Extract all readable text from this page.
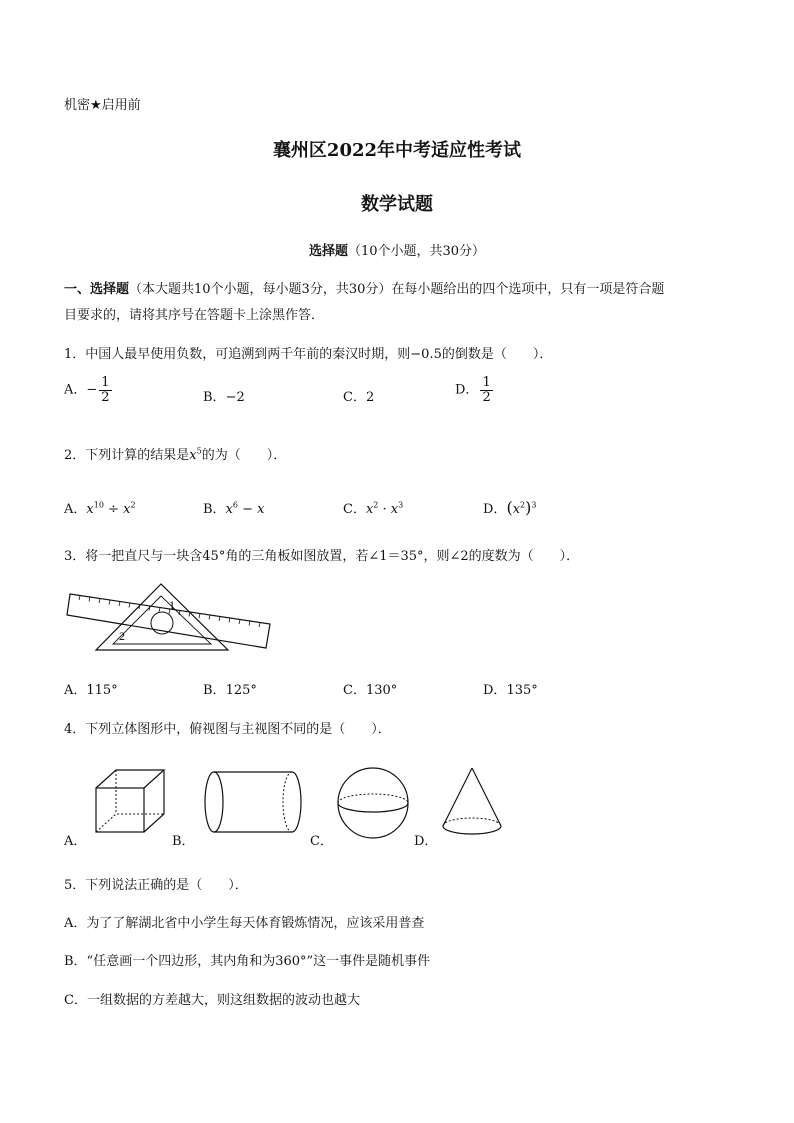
机密★启用前
襄州区2022年中考适应性考试
数学试题
选择题（10个小题，共30分）
一、选择题（本大题共10个小题，每小题3分，共30分）在每小题给出的四个选项中，只有一项是符合题
目要求的，请将其序号在答题卡上涂黑作答．
1．中国人最早使用负数，可追溯到两千年前的秦汉时期，则−0.5的倒数是（　　）．
A．− $\frac{1}{2}$	B．−2	C．2	D． $\frac{1}{2}$
2．下列计算的结果是$x^5$的为（　　）．
A．$x^{10} \div x^2$	B．$x^6 - x$	C．$x^2 \cdot x^3$	D．$(x^2)^3$
3．将一把直尺与一块含45°角的三角板如图放置，若∠1＝35°，则∠2的度数为（　　）．
1
2
A．115°	B．125°	C．130°	D．135°
4．下列立体图形中，俯视图与主视图不同的是（　　）．
A．	B．	C．	D．
5．下列说法正确的是（　　）．
A．为了了解湖北省中小学生每天体育锻炼情况，应该采用普查
B．“任意画一个四边形，其内角和为360°”这一事件是随机事件
C．一组数据的方差越大，则这组数据的波动也越大
